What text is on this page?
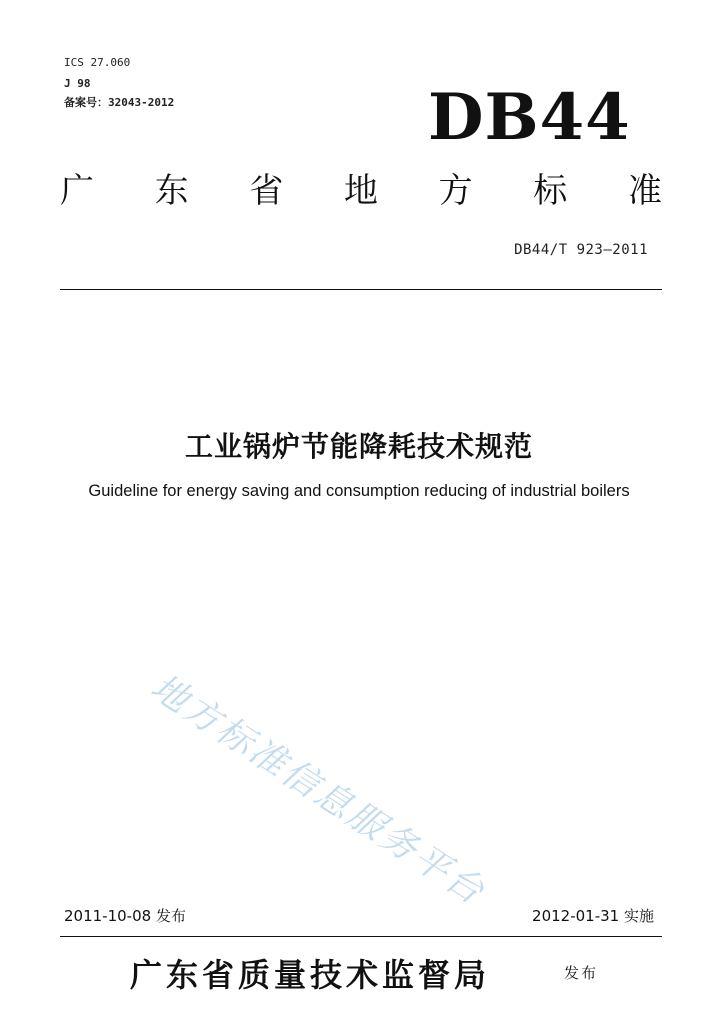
ICS 27.060
J 98
备案号：32043-2012	DB44
广 东 省 地 方 标 准
DB44/T 923—2011
工业锅炉节能降耗技术规范
Guideline for energy saving and consumption reducing of industrial boilers
地方标准信息服务平台
2011-10-08 发布	2012-01-31 实施
广东省质量技术监督局	发布
